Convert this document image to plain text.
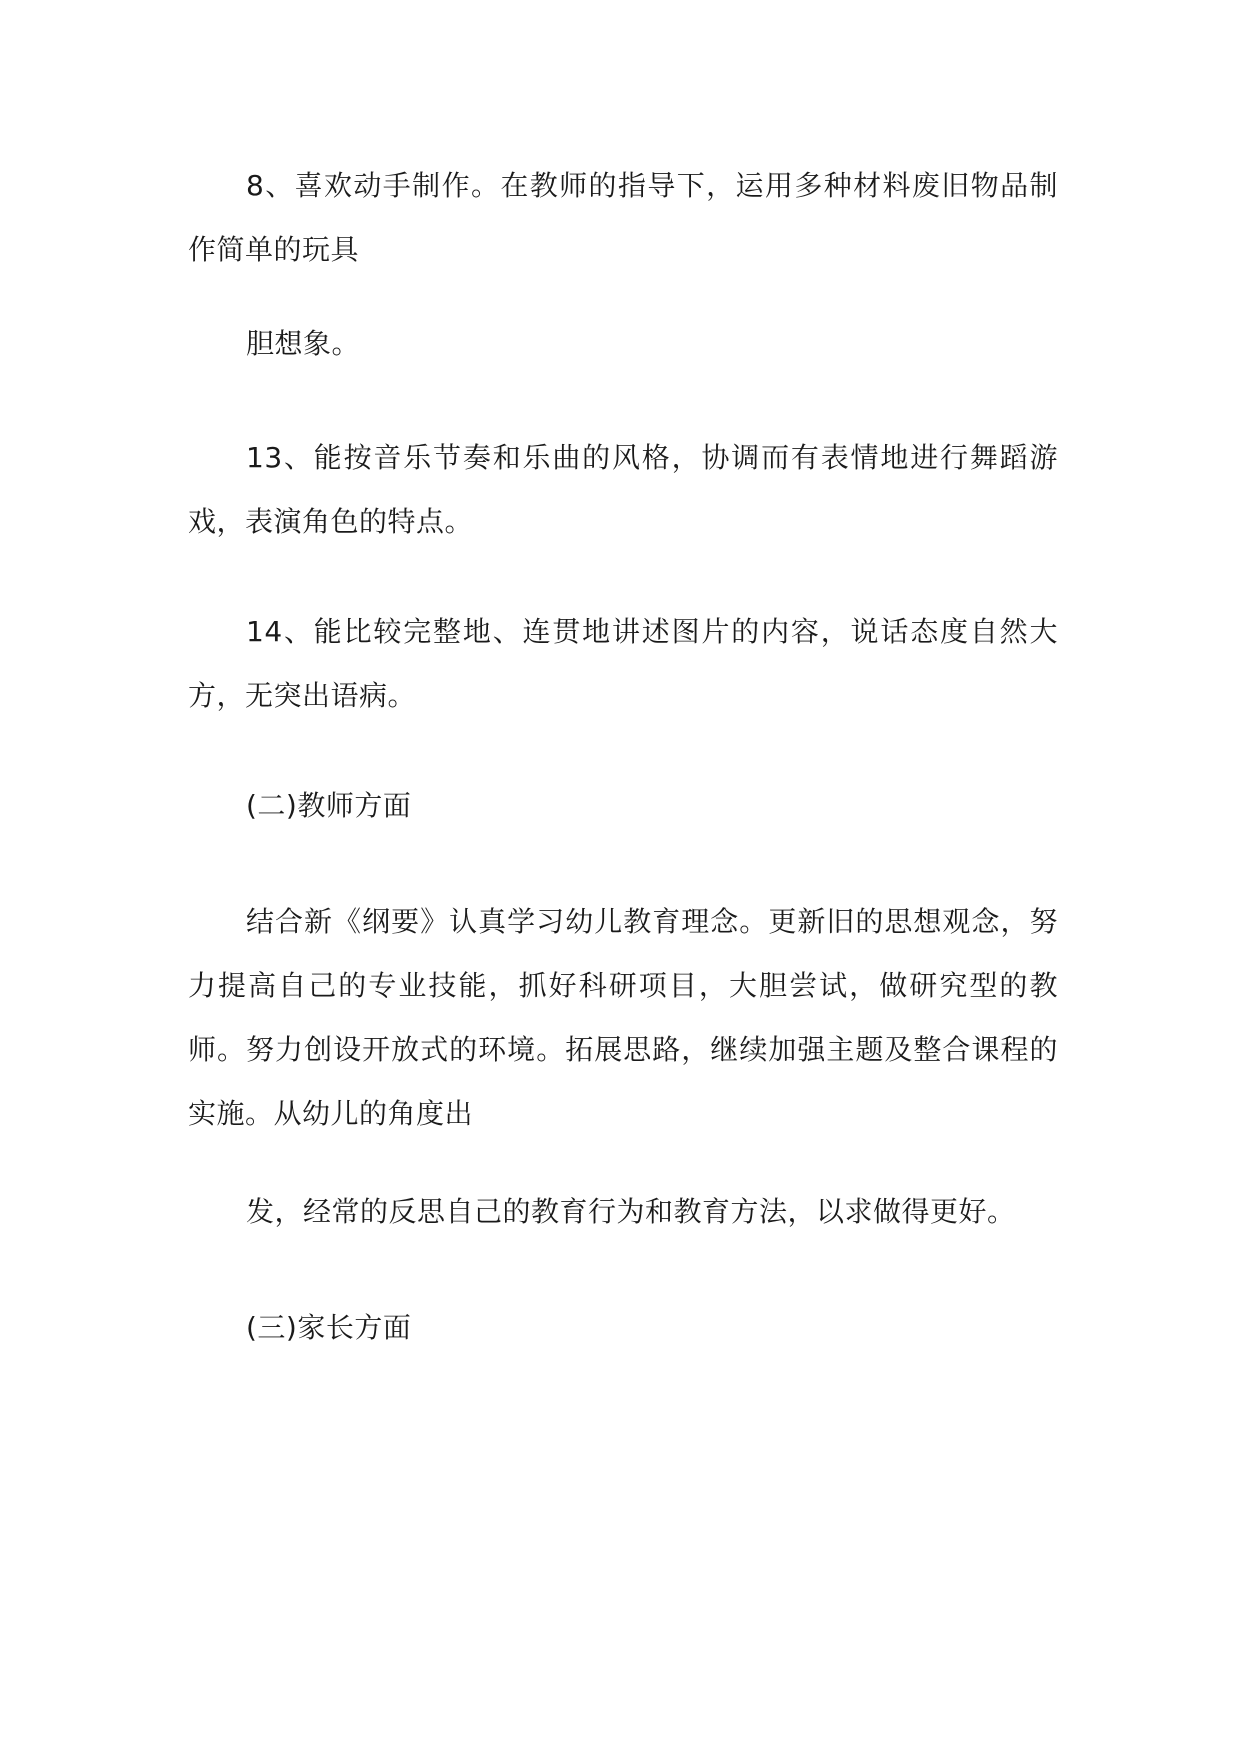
8、喜欢动手制作。在教师的指导下，运用多种材料废旧物品制作简单的玩具

胆想象。

13、能按音乐节奏和乐曲的风格，协调而有表情地进行舞蹈游戏，表演角色的特点。

14、能比较完整地、连贯地讲述图片的内容，说话态度自然大方，无突出语病。

(二)教师方面

结合新《纲要》认真学习幼儿教育理念。更新旧的思想观念，努力提高自己的专业技能，抓好科研项目，大胆尝试，做研究型的教师。努力创设开放式的环境。拓展思路，继续加强主题及整合课程的实施。从幼儿的角度出

发，经常的反思自己的教育行为和教育方法，以求做得更好。

(三)家长方面
